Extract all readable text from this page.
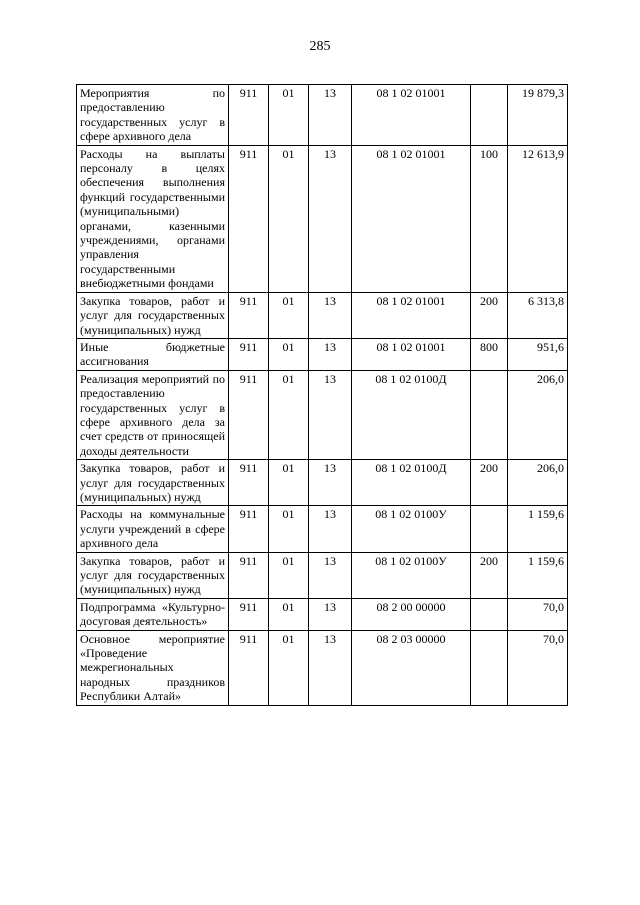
285
Мероприятия по предоставлению государственных услуг в сфере архивного дела	911	01	13	08 1 02 01001		19 879,3
Расходы на выплаты персоналу в целях обеспечения выполнения функций государственными (муниципальными) органами, казенными учреждениями, органами управления государственными внебюджетными фондами	911	01	13	08 1 02 01001	100	12 613,9
Закупка товаров, работ и услуг для государственных (муниципальных) нужд	911	01	13	08 1 02 01001	200	6 313,8
Иные бюджетные ассигнования	911	01	13	08 1 02 01001	800	951,6
Реализация мероприятий по предоставлению государственных услуг в сфере архивного дела за счет средств от приносящей доходы деятельности	911	01	13	08 1 02 0100Д		206,0
Закупка товаров, работ и услуг для государственных (муниципальных) нужд	911	01	13	08 1 02 0100Д	200	206,0
Расходы на коммунальные услуги учреждений в сфере архивного дела	911	01	13	08 1 02 0100У		1 159,6
Закупка товаров, работ и услуг для государственных (муниципальных) нужд	911	01	13	08 1 02 0100У	200	1 159,6
Подпрограмма «Культурно-досуговая деятельность»	911	01	13	08 2 00 00000		70,0
Основное мероприятие «Проведение межрегиональных народных праздников Республики Алтай»	911	01	13	08 2 03 00000		70,0
